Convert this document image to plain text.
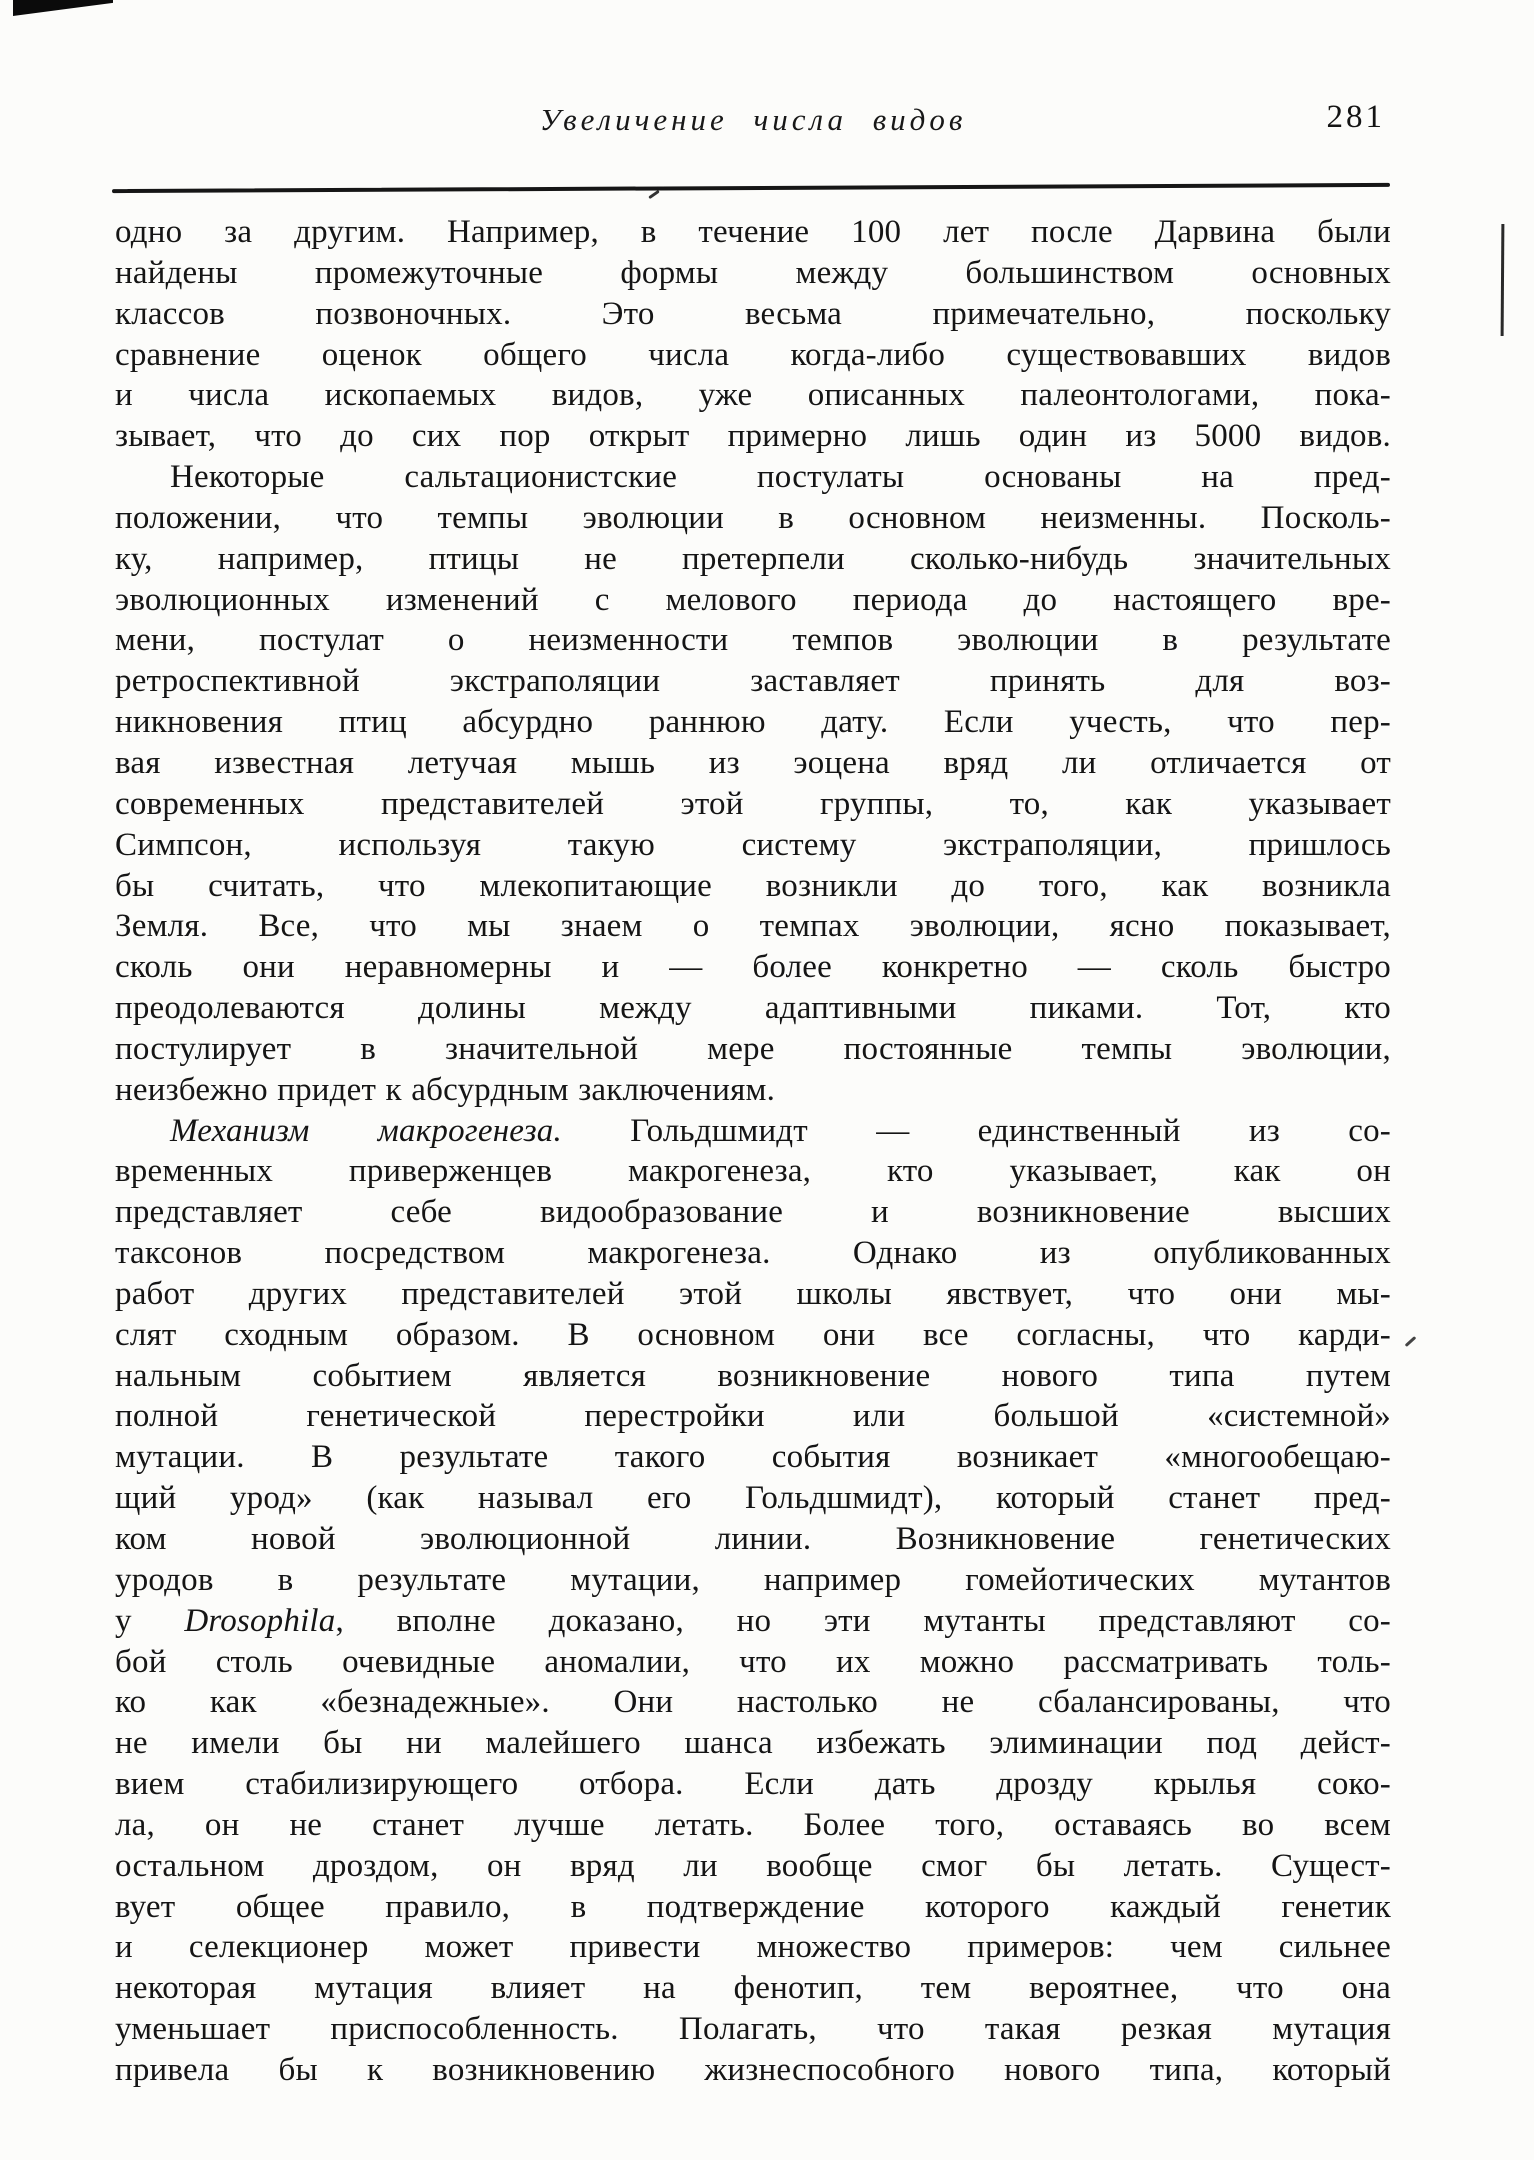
Увеличение числа видов	281
одно за другим. Например, в течение 100 лет после Дарвина были
найдены промежуточные формы между большинством основных
классов позвоночных. Это весьма примечательно, поскольку
сравнение оценок общего числа когда-либо существовавших видов
и числа ископаемых видов, уже описанных палеонтологами, пока-
зывает, что до сих пор открыт примерно лишь один из 5000 видов.
Некоторые сальтационистские постулаты основаны на пред-
положении, что темпы эволюции в основном неизменны. Посколь-
ку, например, птицы не претерпели сколько-нибудь значительных
эволюционных изменений с мелового периода до настоящего вре-
мени, постулат о неизменности темпов эволюции в результате
ретроспективной экстраполяции заставляет принять для воз-
никновения птиц абсурдно раннюю дату. Если учесть, что пер-
вая известная летучая мышь из эоцена вряд ли отличается от
современных представителей этой группы, то, как указывает
Симпсон, используя такую систему экстраполяции, пришлось
бы считать, что млекопитающие возникли до того, как возникла
Земля. Все, что мы знаем о темпах эволюции, ясно показывает,
сколь они неравномерны и — более конкретно — сколь быстро
преодолеваются долины между адаптивными пиками. Тот, кто
постулирует в значительной мере постоянные темпы эволюции,
неизбежно придет к абсурдным заключениям.
Механизм макрогенеза. Гольдшмидт — единственный из со-
временных приверженцев макрогенеза, кто указывает, как он
представляет себе видообразование и возникновение высших
таксонов посредством макрогенеза. Однако из опубликованных
работ других представителей этой школы явствует, что они мы-
слят сходным образом. В основном они все согласны, что карди-
нальным событием является возникновение нового типа путем
полной генетической перестройки или большой «системной»
мутации. В результате такого события возникает «многообещаю-
щий урод» (как называл его Гольдшмидт), который станет пред-
ком новой эволюционной линии. Возникновение генетических
уродов в результате мутации, например гомейотических мутантов
у Drosophila, вполне доказано, но эти мутанты представляют со-
бой столь очевидные аномалии, что их можно рассматривать толь-
ко как «безнадежные». Они настолько не сбалансированы, что
не имели бы ни малейшего шанса избежать элиминации под дейст-
вием стабилизирующего отбора. Если дать дрозду крылья соко-
ла, он не станет лучше летать. Более того, оставаясь во всем
остальном дроздом, он вряд ли вообще смог бы летать. Сущест-
вует общее правило, в подтверждение которого каждый генетик
и селекционер может привести множество примеров: чем сильнее
некоторая мутация влияет на фенотип, тем вероятнее, что она
уменьшает приспособленность. Полагать, что такая резкая мутация
привела бы к возникновению жизнеспособного нового типа, который
